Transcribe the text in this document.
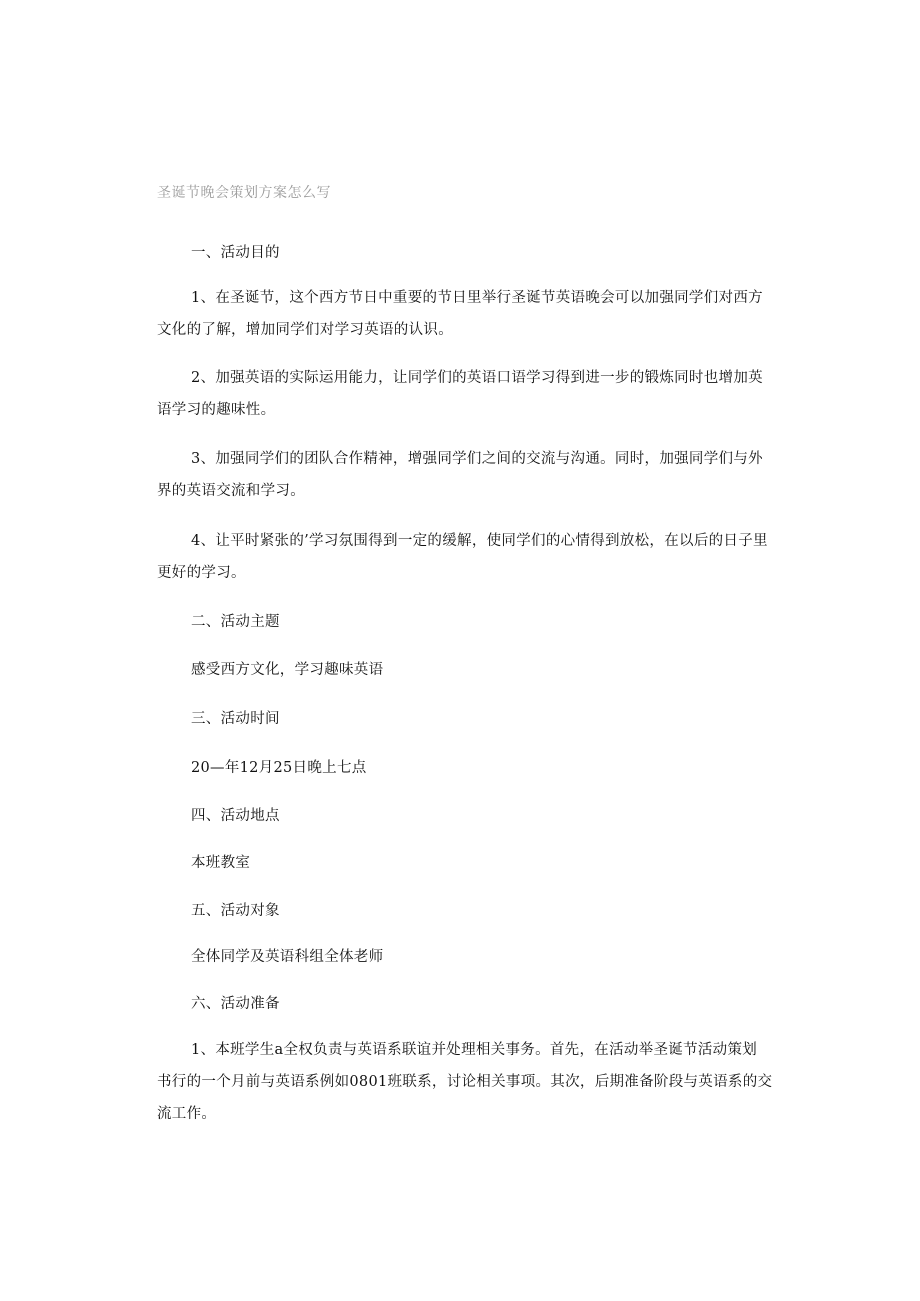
圣诞节晚会策划方案怎么写
一、活动目的
1、在圣诞节，这个西方节日中重要的节日里举行圣诞节英语晚会可以加强同学们对西方
文化的了解，增加同学们对学习英语的认识。
2、加强英语的实际运用能力，让同学们的英语口语学习得到进一步的锻炼同时也增加英
语学习的趣味性。
3、加强同学们的团队合作精神，增强同学们之间的交流与沟通。同时，加强同学们与外
界的英语交流和学习。
4、让平时紧张的’学习氛围得到一定的缓解，使同学们的心情得到放松，在以后的日子里
更好的学习。
二、活动主题
感受西方文化，学习趣味英语
三、活动时间
20—年12月25日晚上七点
四、活动地点
本班教室
五、活动对象
全体同学及英语科组全体老师
六、活动准备
1、本班学生a全权负责与英语系联谊并处理相关事务。首先，在活动举圣诞节活动策划
书行的一个月前与英语系例如0801班联系，讨论相关事项。其次，后期准备阶段与英语系的交
流工作。
